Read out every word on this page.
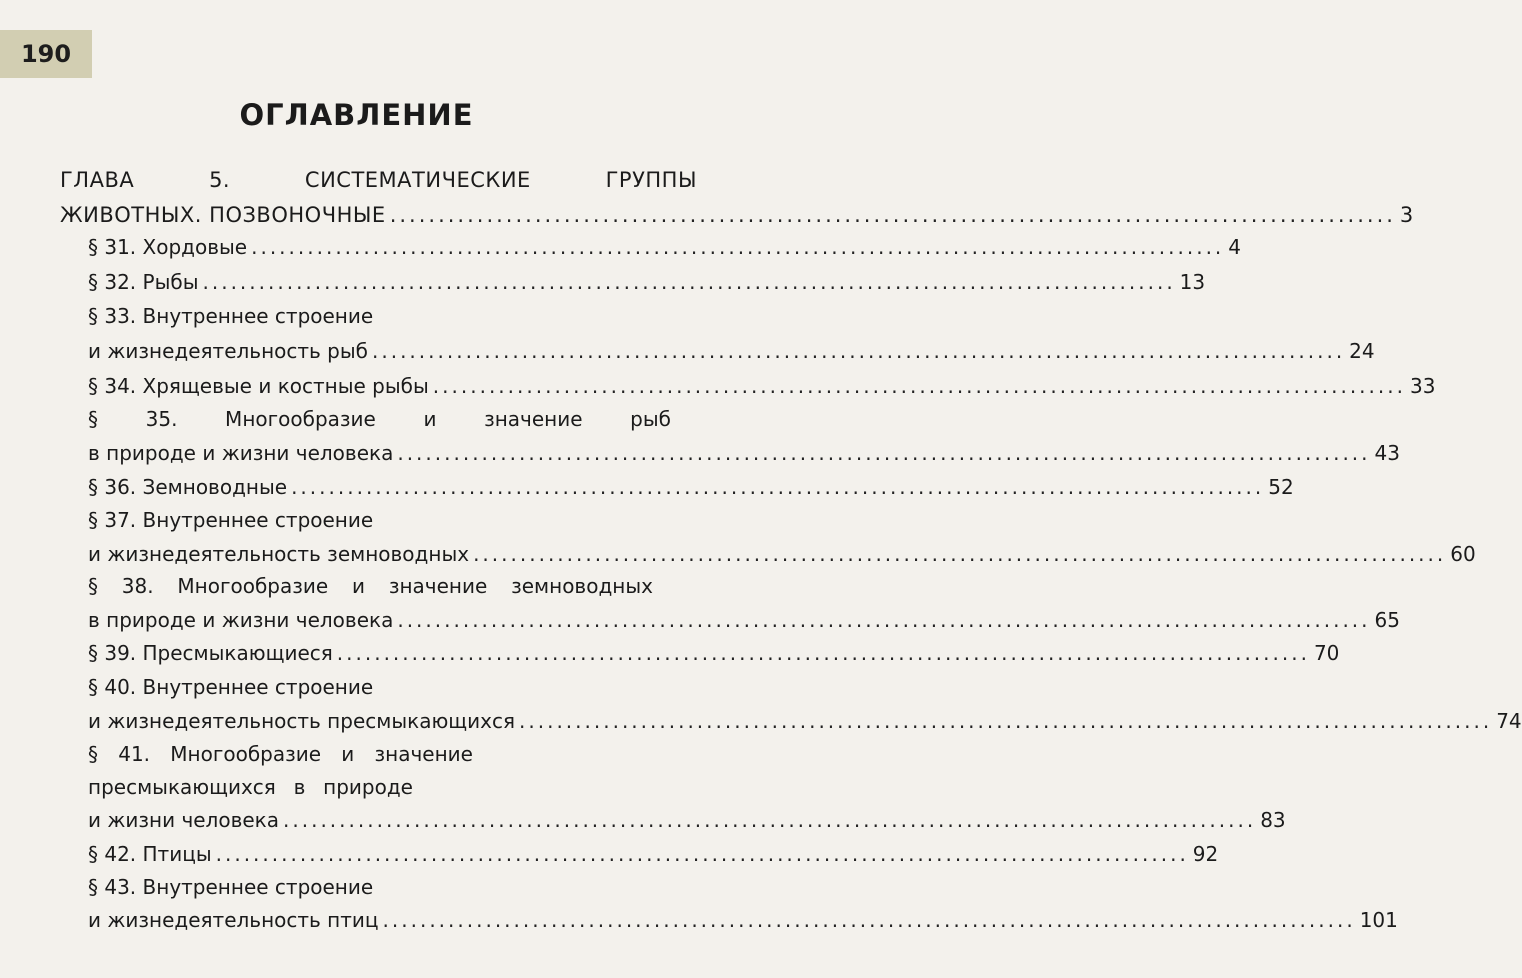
190
ОГЛАВЛЕНИЕ
ГЛАВА 5. СИСТЕМАТИЧЕСКИЕ ГРУППЫ
ЖИВОТНЫХ. ПОЗВОНОЧНЫЕ ........................................................................................................ 3
§ 31. Хордовые ........................................................................................................ 4
§ 32. Рыбы ........................................................................................................ 13
§ 33. Внутреннее строение
и жизнедеятельность рыб ........................................................................................................ 24
§ 34. Хрящевые и костные рыбы ........................................................................................................ 33
§ 35. Многообразие и значение рыб
в природе и жизни человека ........................................................................................................ 43
§ 36. Земноводные ........................................................................................................ 52
§ 37. Внутреннее строение
и жизнедеятельность земноводных ........................................................................................................ 60
§ 38. Многообразие и значение земноводных
в природе и жизни человека ........................................................................................................ 65
§ 39. Пресмыкающиеся ........................................................................................................ 70
§ 40. Внутреннее строение
и жизнедеятельность пресмыкающихся ........................................................................................................ 74
§ 41. Многообразие и значение
пресмыкающихся в природе
и жизни человека ........................................................................................................ 83
§ 42. Птицы ........................................................................................................ 92
§ 43. Внутреннее строение
и жизнедеятельность птиц ........................................................................................................ 101
